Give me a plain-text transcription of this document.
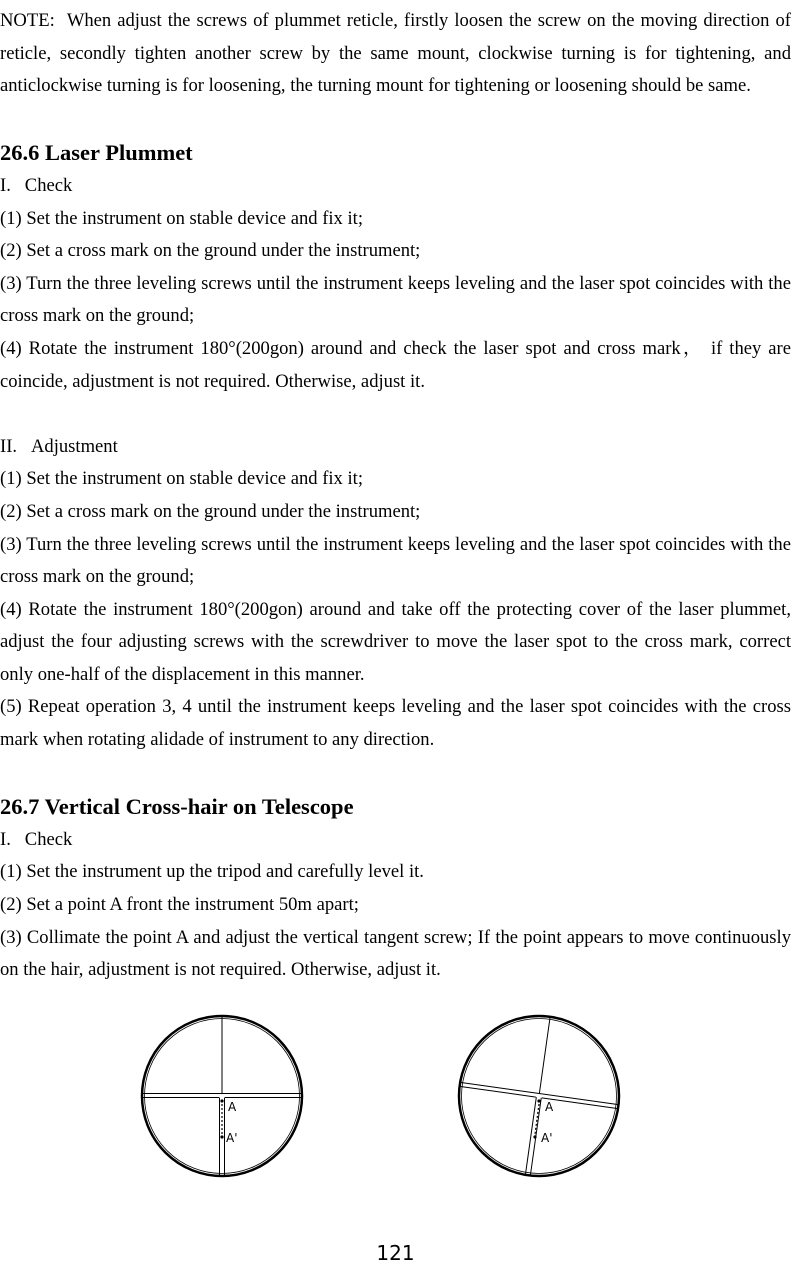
NOTE:  When adjust the screws of plummet reticle, firstly loosen the screw on the moving direction of reticle, secondly tighten another screw by the same mount, clockwise turning is for tightening, and anticlockwise turning is for loosening, the turning mount for tightening or loosening should be same.

26.6 Laser Plummet

I.   Check

(1) Set the instrument on stable device and fix it;

(2) Set a cross mark on the ground under the instrument;

(3) Turn the three leveling screws until the instrument keeps leveling and the laser spot coincides with the cross mark on the ground;

(4) Rotate the instrument 180°(200gon) around and check the laser spot and cross mark， if they are coincide, adjustment is not required. Otherwise, adjust it.

II.   Adjustment

(1) Set the instrument on stable device and fix it;

(2) Set a cross mark on the ground under the instrument;

(3) Turn the three leveling screws until the instrument keeps leveling and the laser spot coincides with the cross mark on the ground;

(4) Rotate the instrument 180°(200gon) around and take off the protecting cover of the laser plummet, adjust the four adjusting screws with the screwdriver to move the laser spot to the cross mark, correct only one-half of the displacement in this manner.

(5) Repeat operation 3, 4 until the instrument keeps leveling and the laser spot coincides with the cross mark when rotating alidade of instrument to any direction.

26.7 Vertical Cross-hair on Telescope

I.   Check

(1) Set the instrument up the tripod and carefully level it.

(2) Set a point A front the instrument 50m apart;

(3) Collimate the point A and adjust the vertical tangent screw; If the point appears to move continuously on the hair, adjustment is not required. Otherwise, adjust it.

A
A'
A
A'
121
